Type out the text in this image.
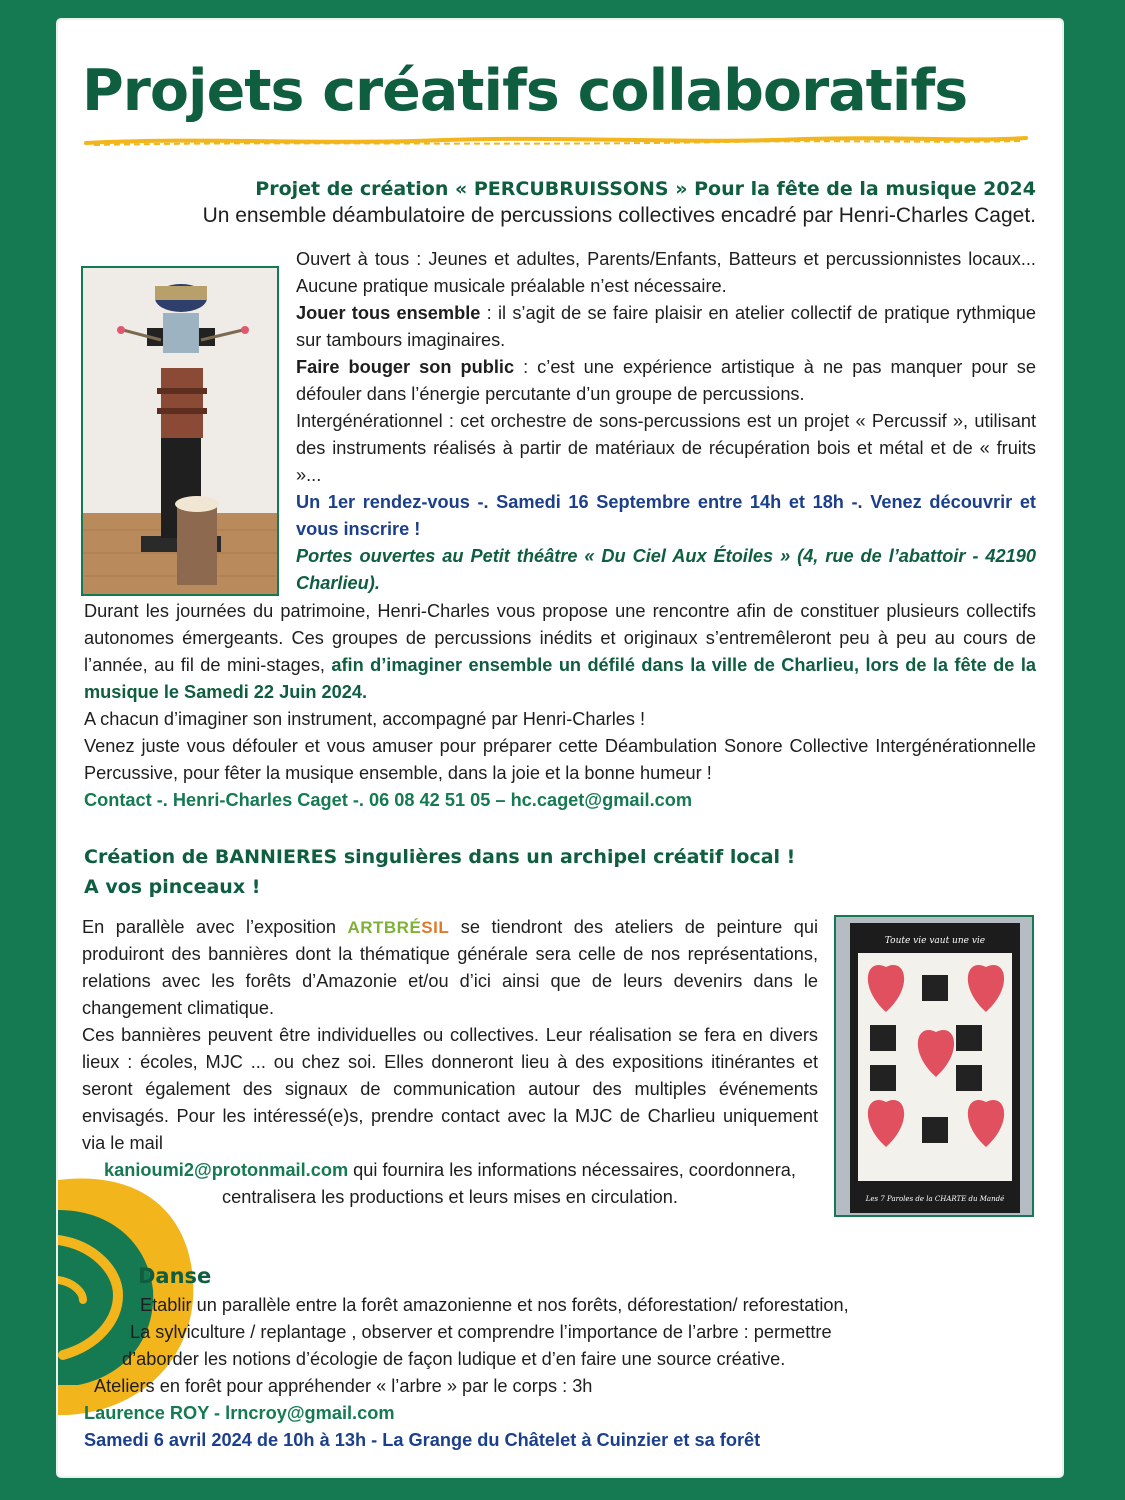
Projets créatifs collaboratifs
Projet de création « PERCUBRUISSONS » Pour la fête de la musique 2024
Un ensemble déambulatoire de percussions collectives encadré par Henri-Charles Caget.

Ouvert à tous : Jeunes et adultes, Parents/Enfants, Batteurs et percussionnistes locaux... Aucune pratique musicale préalable n’est nécessaire.

Jouer tous ensemble : il s’agit de se faire plaisir en atelier collectif de pratique rythmique sur tambours imaginaires.

Faire bouger son public : c’est une expérience artistique à ne pas manquer pour se défouler dans l’énergie percutante d’un groupe de percussions.

Intergénérationnel : cet orchestre de sons-percussions est un projet « Percussif », utilisant des instruments réalisés à partir de matériaux de récupération bois et métal et de « fruits »...

Un 1er rendez-vous -. Samedi 16 Septembre entre 14h et 18h -. Venez découvrir et vous inscrire !

Portes ouvertes au Petit théâtre « Du Ciel Aux Étoiles » (4, rue de l’abattoir - 42190 Charlieu).

Durant les journées du patrimoine, Henri-Charles vous propose une rencontre afin de constituer plusieurs collectifs autonomes émergeants. Ces groupes de percussions inédits et originaux s’entremêleront peu à peu au cours de l’année, au fil de mini-stages, afin d’imaginer ensemble un défilé dans la ville de Charlieu, lors de la fête de la musique le Samedi 22 Juin 2024.

A chacun d’imaginer son instrument, accompagné par Henri-Charles !

Venez juste vous défouler et vous amuser pour préparer cette Déambulation Sonore Collective Intergénérationnelle Percussive, pour fêter la musique ensemble, dans la joie et la bonne humeur !

Contact -. Henri-Charles Caget -. 06 08 42 51 05 – hc.caget@gmail.com

Création de BANNIERES singulières dans un archipel créatif local !
A vos pinceaux !
Toute vie vaut une vie
Les 7 Paroles de la CHARTE du Mandé

En parallèle avec l’exposition ARTBRÉSIL se tiendront des ateliers de peinture qui produiront des bannières dont la thématique générale sera celle de nos représentations, relations avec les forêts d’Amazonie et/ou d’ici ainsi que de leurs devenirs dans le changement climatique.

Ces bannières peuvent être individuelles ou collectives. Leur réalisation se fera en divers lieux : écoles, MJC ... ou chez soi. Elles donneront lieu à des expositions itinérantes et seront également des signaux de communication autour des multiples événements envisagés. Pour les intéressé(e)s, prendre contact avec la MJC de Charlieu uniquement via le mail

kanioumi2@protonmail.com qui fournira les informations nécessaires, coordonnera, centralisera les productions et leurs mises en circulation.

Danse

Etablir un parallèle entre la forêt amazonienne et nos forêts, déforestation/ reforestation,

La sylviculture / replantage , observer et comprendre l’importance de l’arbre : permettre

d’aborder les notions d’écologie de façon ludique et d’en faire une source créative.

Ateliers en forêt pour appréhender « l’arbre » par le corps : 3h

Laurence ROY - lrncroy@gmail.com

Samedi 6 avril 2024 de 10h à 13h - La Grange du Châtelet à Cuinzier et sa forêt
